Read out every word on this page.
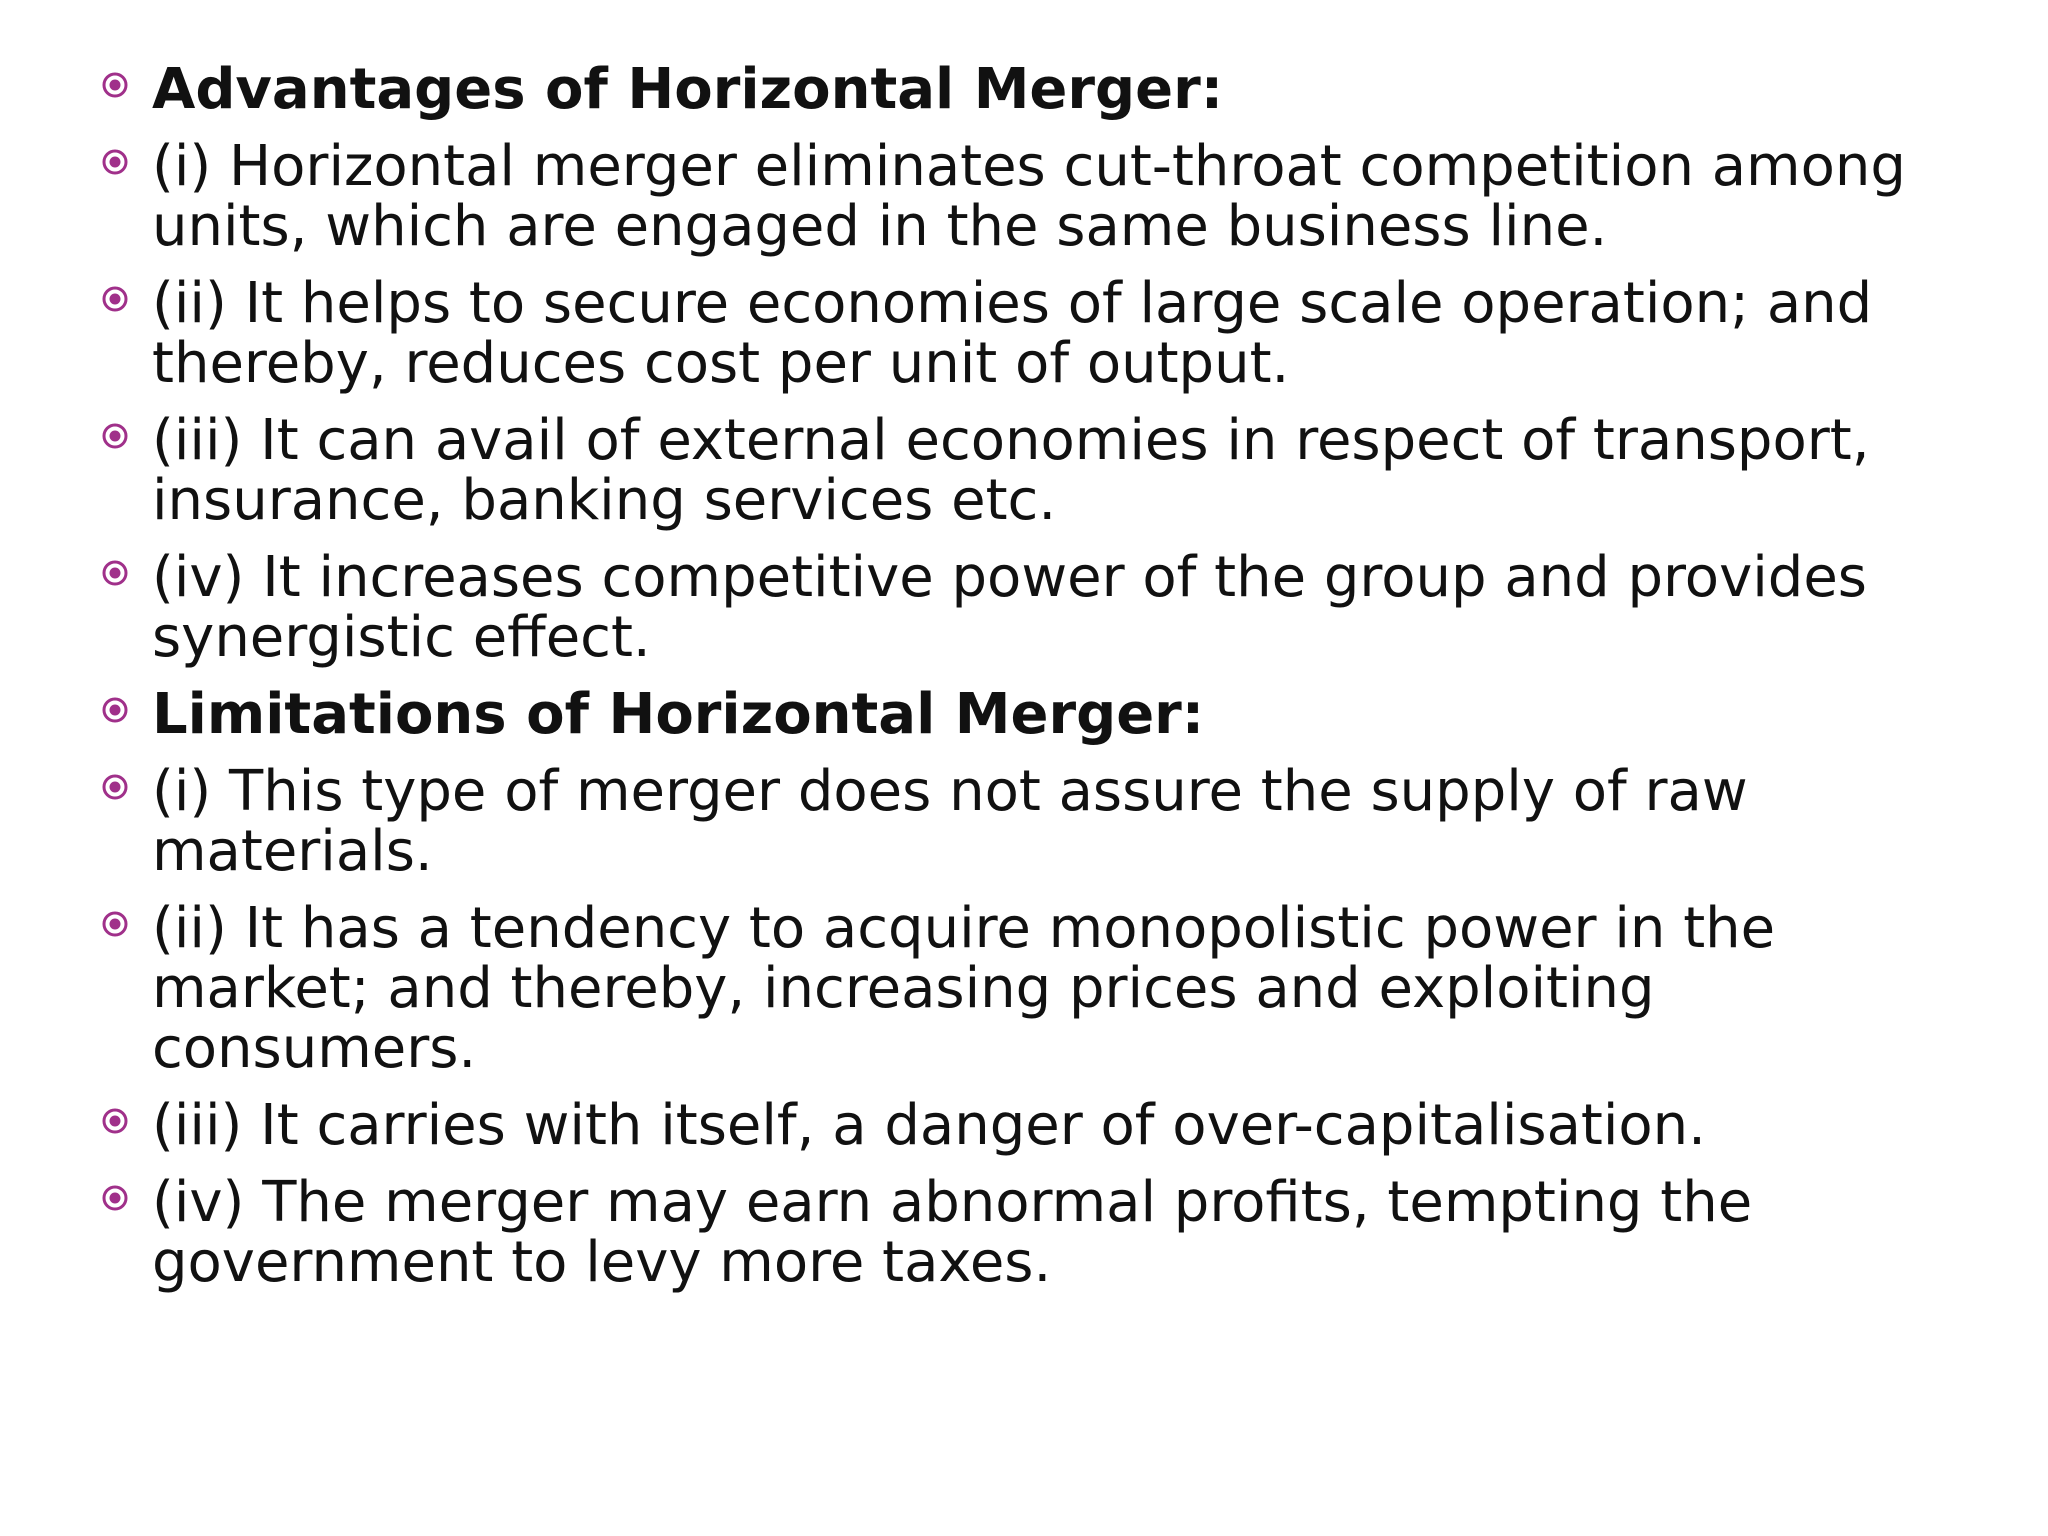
Advantages of Horizontal Merger:
(i) Horizontal merger eliminates cut-throat competition among units, which are engaged in the same business line.
(ii) It helps to secure economies of large scale operation; and thereby, reduces cost per unit of output.
(iii) It can avail of external economies in respect of transport, insurance, banking services etc.
(iv) It increases competitive power of the group and provides synergistic effect.
Limitations of Horizontal Merger:
(i) This type of merger does not assure the supply of raw materials.
(ii) It has a tendency to acquire monopolistic power in the market; and thereby, increasing prices and exploiting consumers.
(iii) It carries with itself, a danger of over-capitalisation.
(iv) The merger may earn abnormal profits, tempting the government to levy more taxes.
